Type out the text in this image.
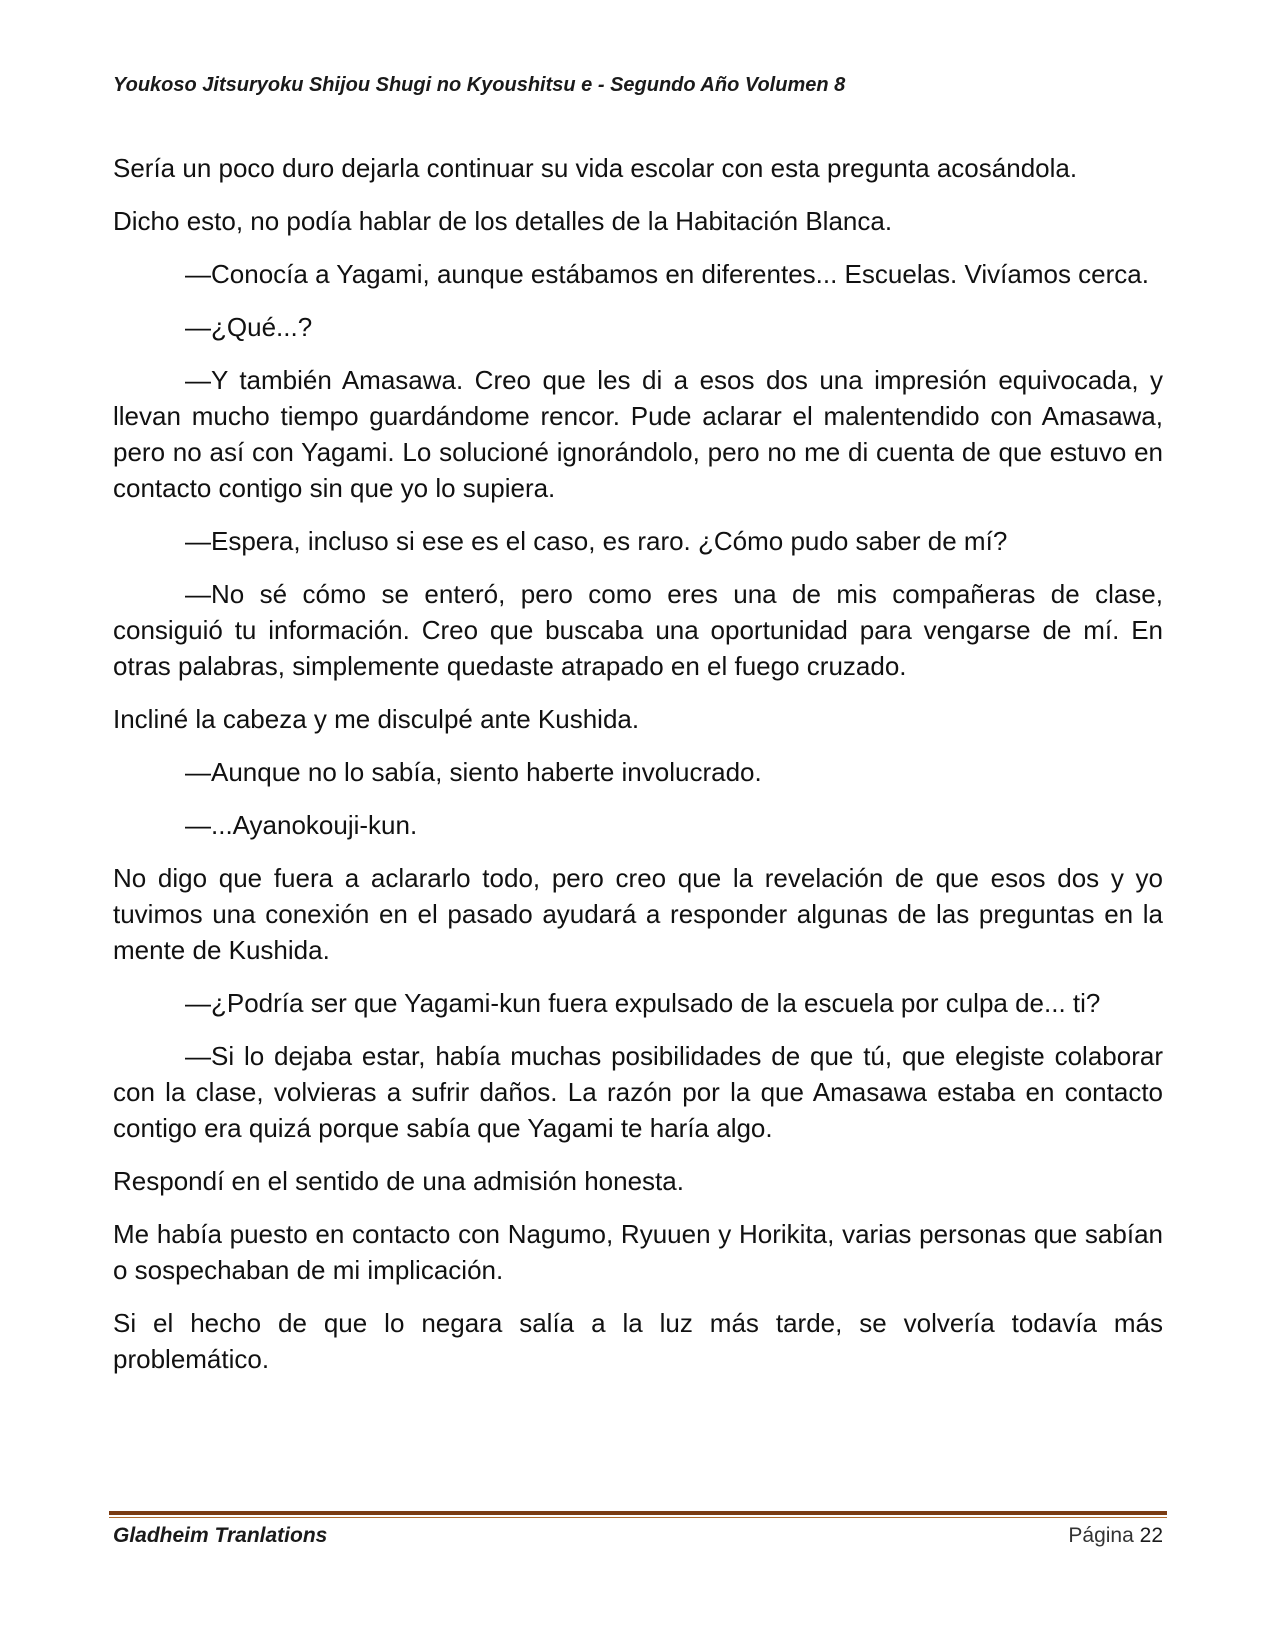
Youkoso Jitsuryoku Shijou Shugi no Kyoushitsu e - Segundo Año Volumen 8

Sería un poco duro dejarla continuar su vida escolar con esta pregunta acosándola.

Dicho esto, no podía hablar de los detalles de la Habitación Blanca.

—Conocía a Yagami, aunque estábamos en diferentes... Escuelas. Vivíamos cerca.

—¿Qué...?

—Y también Amasawa. Creo que les di a esos dos una impresión equivocada, y llevan mucho tiempo guardándome rencor. Pude aclarar el malentendido con Amasawa, pero no así con Yagami. Lo solucioné ignorándolo, pero no me di cuenta de que estuvo en contacto contigo sin que yo lo supiera.

—Espera, incluso si ese es el caso, es raro. ¿Cómo pudo saber de mí?

—No sé cómo se enteró, pero como eres una de mis compañeras de clase, consiguió tu información. Creo que buscaba una oportunidad para vengarse de mí. En otras palabras, simplemente quedaste atrapado en el fuego cruzado.

Incliné la cabeza y me disculpé ante Kushida.

—Aunque no lo sabía, siento haberte involucrado.

—...Ayanokouji-kun.

No digo que fuera a aclararlo todo, pero creo que la revelación de que esos dos y yo tuvimos una conexión en el pasado ayudará a responder algunas de las preguntas en la mente de Kushida.

—¿Podría ser que Yagami-kun fuera expulsado de la escuela por culpa de... ti?

—Si lo dejaba estar, había muchas posibilidades de que tú, que elegiste colaborar con la clase, volvieras a sufrir daños. La razón por la que Amasawa estaba en contacto contigo era quizá porque sabía que Yagami te haría algo.

Respondí en el sentido de una admisión honesta.

Me había puesto en contacto con Nagumo, Ryuuen y Horikita, varias personas que sabían o sospechaban de mi implicación.

Si el hecho de que lo negara salía a la luz más tarde, se volvería todavía más problemático.

Gladheim Tranlations	Página 22
